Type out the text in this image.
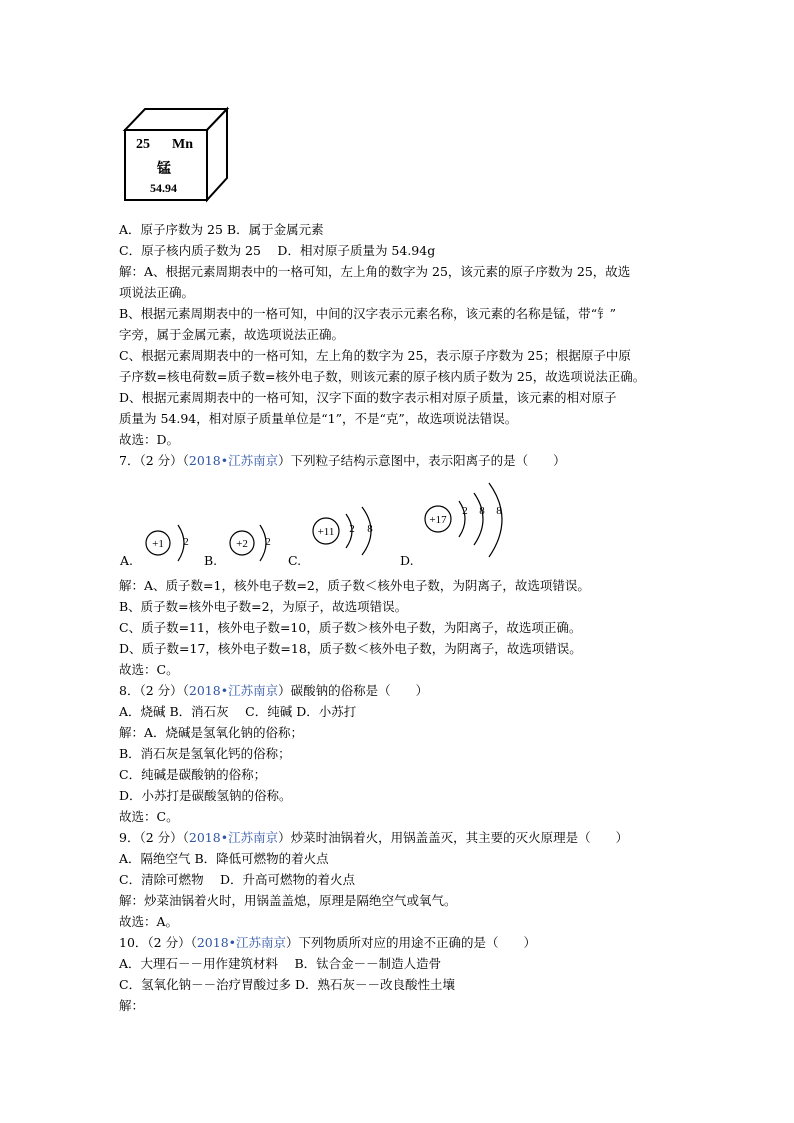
25 Mn
锰
54.94
A．原子序数为 25 B．属于金属元素
C．原子核内质子数为 25　 D．相对原子质量为 54.94g
解：A、根据元素周期表中的一格可知，左上角的数字为 25，该元素的原子序数为 25，故选
项说法正确。
B、根据元素周期表中的一格可知，中间的汉字表示元素名称，该元素的名称是锰，带“钅”
字旁，属于金属元素，故选项说法正确。
C、根据元素周期表中的一格可知，左上角的数字为 25，表示原子序数为 25；根据原子中原
子序数=核电荷数=质子数=核外电子数，则该元素的原子核内质子数为 25，故选项说法正确。
D、根据元素周期表中的一格可知，汉字下面的数字表示相对原子质量，该元素的相对原子
质量为 54.94，相对原子质量单位是“1”，不是“克”，故选项说法错误。
故选：D。
7．（2 分）（2018•江苏南京）下列粒子结构示意图中，表示阳离子的是（　　）
A.	B.	C.	D.
+1 2	+2 2
+11 2 8
+17
2 8 8
解：A、质子数=1，核外电子数=2，质子数＜核外电子数，为阴离子，故选项错误。
B、质子数=核外电子数=2，为原子，故选项错误。
C、质子数=11，核外电子数=10，质子数＞核外电子数，为阳离子，故选项正确。
D、质子数=17，核外电子数=18，质子数＜核外电子数，为阴离子，故选项错误。
故选：C。
8．（2 分）（2018•江苏南京）碳酸钠的俗称是（　　）
A．烧碱 B．消石灰　 C．纯碱 D．小苏打
解：A．烧碱是氢氧化钠的俗称；
B．消石灰是氢氧化钙的俗称；
C．纯碱是碳酸钠的俗称；
D．小苏打是碳酸氢钠的俗称。
故选：C。
9．（2 分）（2018•江苏南京）炒菜时油锅着火，用锅盖盖灭，其主要的灭火原理是（　　）
A．隔绝空气 B．降低可燃物的着火点
C．清除可燃物　 D．升高可燃物的着火点
解：炒菜油锅着火时，用锅盖盖熄，原理是隔绝空气或氧气。
故选：A。
10．（2 分）（2018•江苏南京）下列物质所对应的用途不正确的是（　　）
A．大理石－－用作建筑材料　 B．钛合金－－制造人造骨
C．氢氧化钠－－治疗胃酸过多 D．熟石灰－－改良酸性土壤
解：
